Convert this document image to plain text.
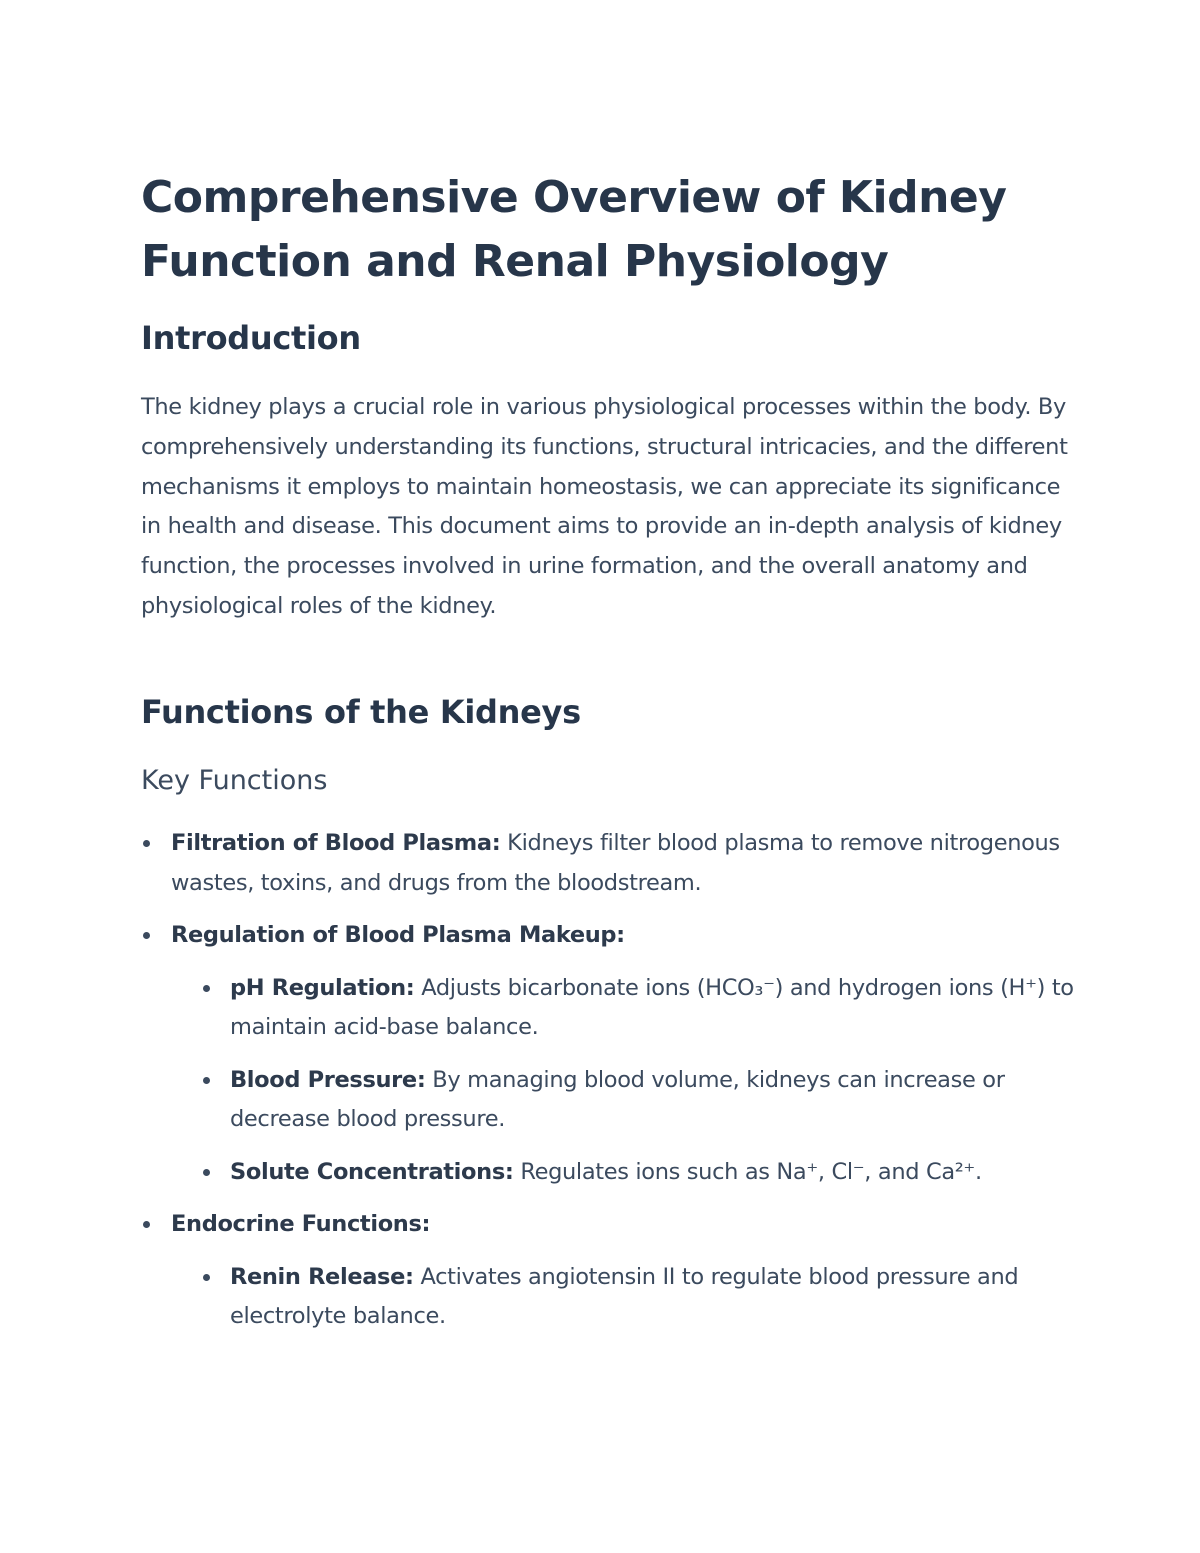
Comprehensive Overview of Kidney Function and Renal Physiology
Introduction

The kidney plays a crucial role in various physiological processes within the body. By comprehensively understanding its functions, structural intricacies, and the different mechanisms it employs to maintain homeostasis, we can appreciate its significance in health and disease. This document aims to provide an in-depth analysis of kidney function, the processes involved in urine formation, and the overall anatomy and physiological roles of the kidney.

Functions of the Kidneys
Key Functions
Filtration of Blood Plasma: Kidneys filter blood plasma to remove nitrogenous wastes, toxins, and drugs from the bloodstream.
Regulation of Blood Plasma Makeup:
pH Regulation: Adjusts bicarbonate ions (HCO₃⁻) and hydrogen ions (H⁺) to maintain acid-base balance.
Blood Pressure: By managing blood volume, kidneys can increase or decrease blood pressure.
Solute Concentrations: Regulates ions such as Na⁺, Cl⁻, and Ca²⁺.
Endocrine Functions:
Renin Release: Activates angiotensin II to regulate blood pressure and electrolyte balance.
